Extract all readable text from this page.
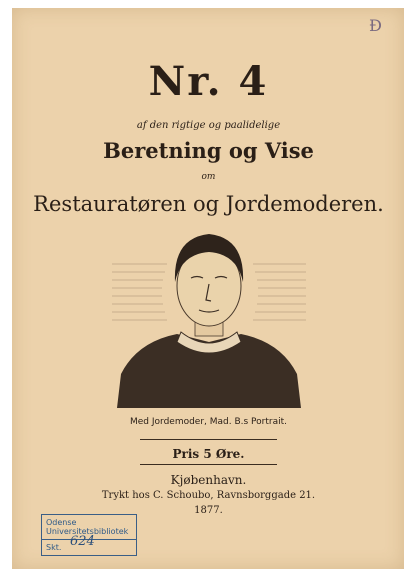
Ð
Nr. 4
af den rigtige og paalidelige
Beretning og Vise
om
Restauratøren og Jordemoderen.
Med Jordemoder, Mad. B.s Portrait.
Pris 5 Øre.
Kjøbenhavn.
Trykt hos C. Schoubo, Ravnsborggade 21.
1877.
Odense
Universitetsbibliotek
Skt. 624
